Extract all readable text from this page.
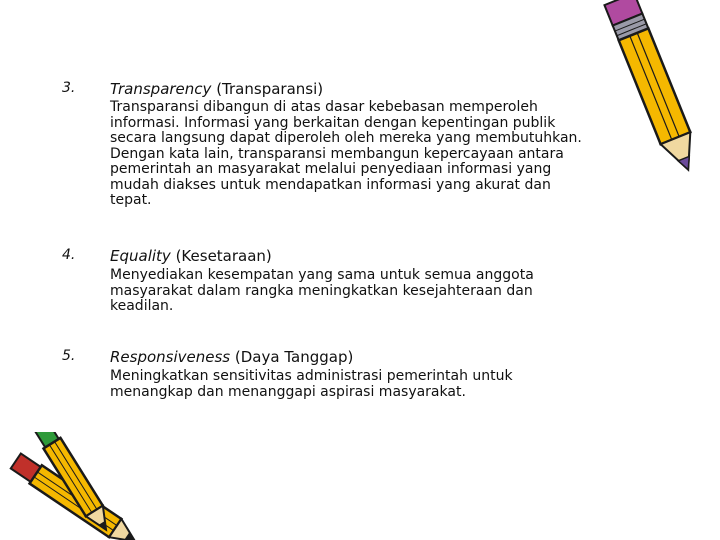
3. Transparency (Transparansi)
Transparansi dibangun di atas dasar kebebasan memperoleh
informasi. Informasi yang berkaitan dengan kepentingan publik
secara langsung dapat diperoleh oleh mereka yang membutuhkan.
Dengan kata lain, transparansi membangun kepercayaan antara
pemerintah an masyarakat melalui penyediaan informasi yang
mudah diakses untuk mendapatkan informasi yang akurat dan
tepat.
4. Equality (Kesetaraan)
Menyediakan kesempatan yang sama untuk semua anggota
masyarakat dalam rangka meningkatkan kesejahteraan dan
keadilan.
5. Responsiveness (Daya Tanggap)
Meningkatkan sensitivitas administrasi pemerintah untuk
menangkap dan menanggapi aspirasi masyarakat.
